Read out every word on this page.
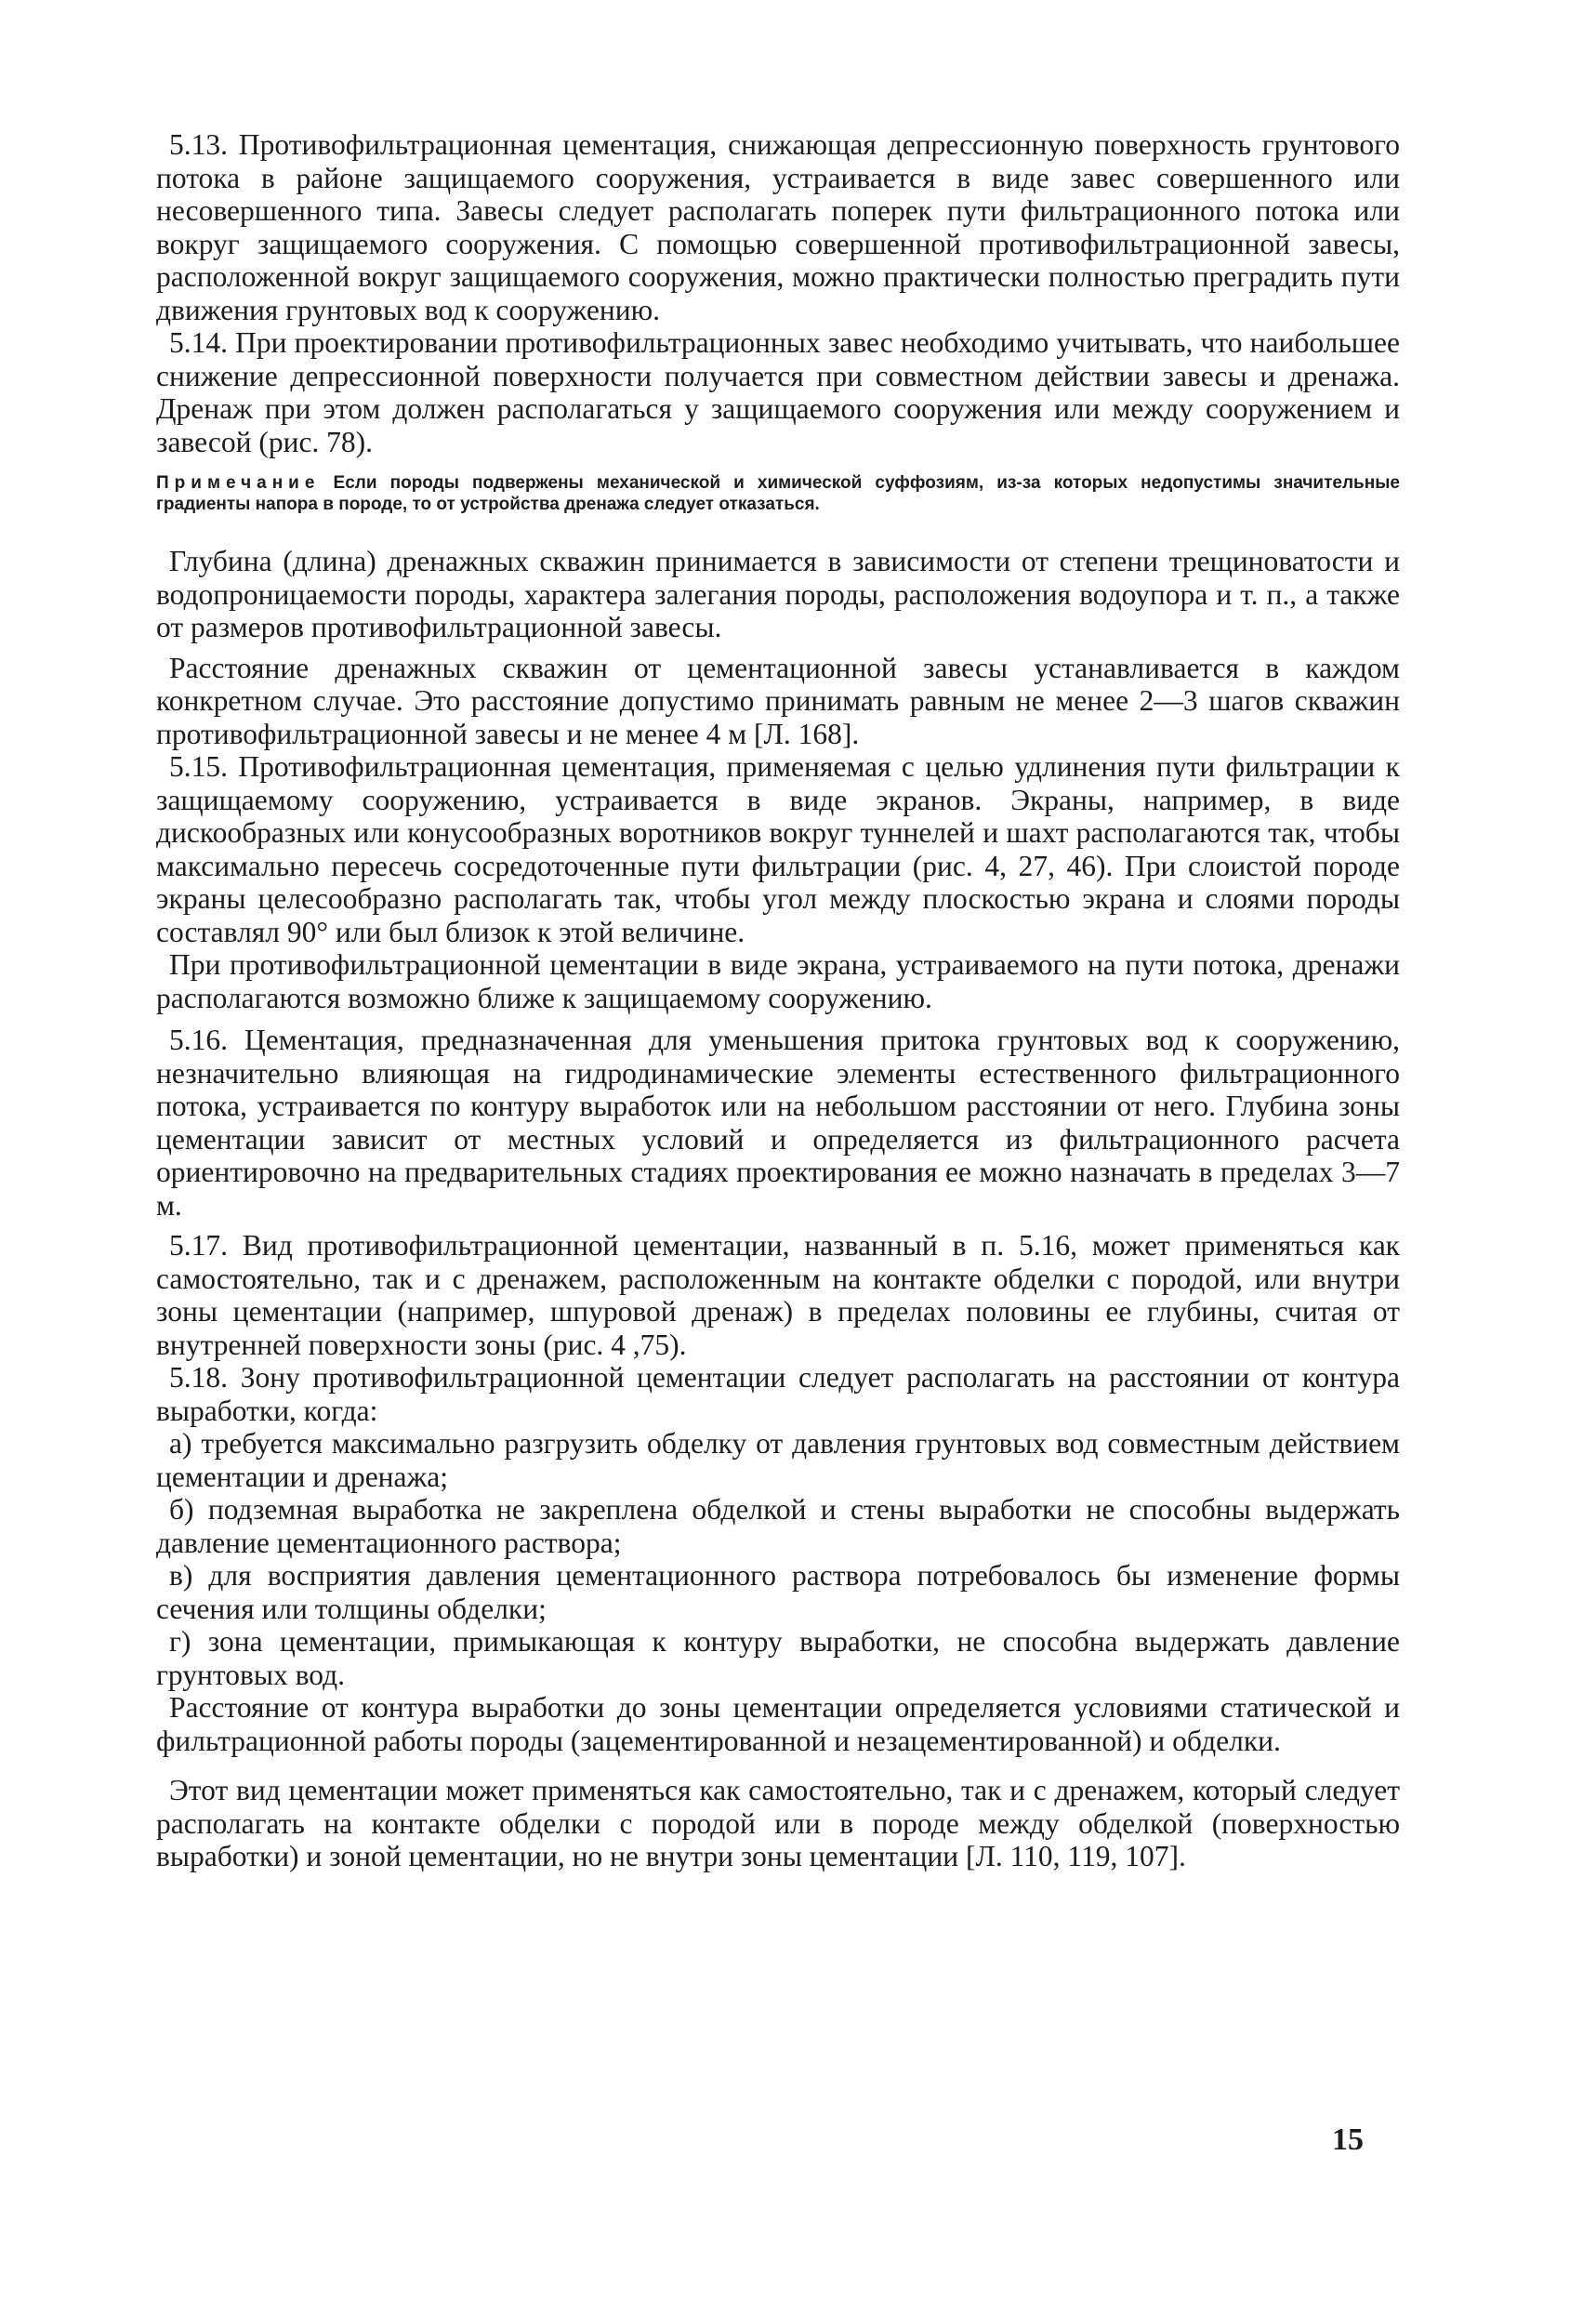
5.13. Противофильтрационная цементация, снижающая депрессионную поверхность грунтового потока в районе защищаемого сооружения, устраивается в виде завес совершенного или несовершенного типа. Завесы следует располагать поперек пути фильтрационного потока или вокруг защищаемого сооружения. С помощью совершенной противофильтрационной завесы, расположенной вокруг защищаемого сооружения, можно практически полностью преградить пути движения грунтовых вод к сооружению.

5.14. При проектировании противофильтрационных завес необходимо учитывать, что наибольшее снижение депрессионной поверхности получается при совместном действии завесы и дренажа. Дренаж при этом должен располагаться у защищаемого сооружения или между сооружением и завесой (рис. 78).

Примечание Если породы подвержены механической и химической суффозиям, из-за которых недопустимы значительные градиенты напора в породе, то от устройства дренажа следует отказаться.

Глубина (длина) дренажных скважин принимается в зависимости от степени трещиноватости и водопроницаемости породы, характера залегания породы, расположения водоупора и т. п., а также от размеров противофильтрационной завесы.

Расстояние дренажных скважин от цементационной завесы устанавливается в каждом конкретном случае. Это расстояние допустимо принимать равным не менее 2—3 шагов скважин противофильтрационной завесы и не менее 4 м [Л. 168].

5.15. Противофильтрационная цементация, применяемая с целью удлинения пути фильтрации к защищаемому сооружению, устраивается в виде экранов. Экраны, например, в виде дискообразных или конусообразных воротников вокруг туннелей и шахт располагаются так, чтобы максимально пересечь сосредоточенные пути фильтрации (рис. 4, 27, 46). При слоистой породе экраны целесообразно располагать так, чтобы угол между плоскостью экрана и слоями породы составлял 90° или был близок к этой величине.

При противофильтрационной цементации в виде экрана, устраиваемого на пути потока, дренажи располагаются возможно ближе к защищаемому сооружению.

5.16. Цементация, предназначенная для уменьшения притока грунтовых вод к сооружению, незначительно влияющая на гидродинамические элементы естественного фильтрационного потока, устраивается по контуру выработок или на небольшом расстоянии от него. Глубина зоны цементации зависит от местных условий и определяется из фильтрационного расчета ориентировочно на предварительных стадиях проектирования ее можно назначать в пределах 3—7 м.

5.17. Вид противофильтрационной цементации, названный в п. 5.16, может применяться как самостоятельно, так и с дренажем, расположенным на контакте обделки с породой, или внутри зоны цементации (например, шпуровой дренаж) в пределах половины ее глубины, считая от внутренней поверхности зоны (рис. 4 ,75).

5.18. Зону противофильтрационной цементации следует располагать на расстоянии от контура выработки, когда:

а) требуется максимально разгрузить обделку от давления грунтовых вод совместным действием цементации и дренажа;

б) подземная выработка не закреплена обделкой и стены выработки не способны выдержать давление цементационного раствора;

в) для восприятия давления цементационного раствора потребовалось бы изменение формы сечения или толщины обделки;

г) зона цементации, примыкающая к контуру выработки, не способна выдержать давление грунтовых вод.

Расстояние от контура выработки до зоны цементации определяется условиями статической и фильтрационной работы породы (зацементированной и незацементированной) и обделки.

Этот вид цементации может применяться как самостоятельно, так и с дренажем, который следует располагать на контакте обделки с породой или в породе между обделкой (поверхностью выработки) и зоной цементации, но не внутри зоны цементации [Л. 110, 119, 107].

15
